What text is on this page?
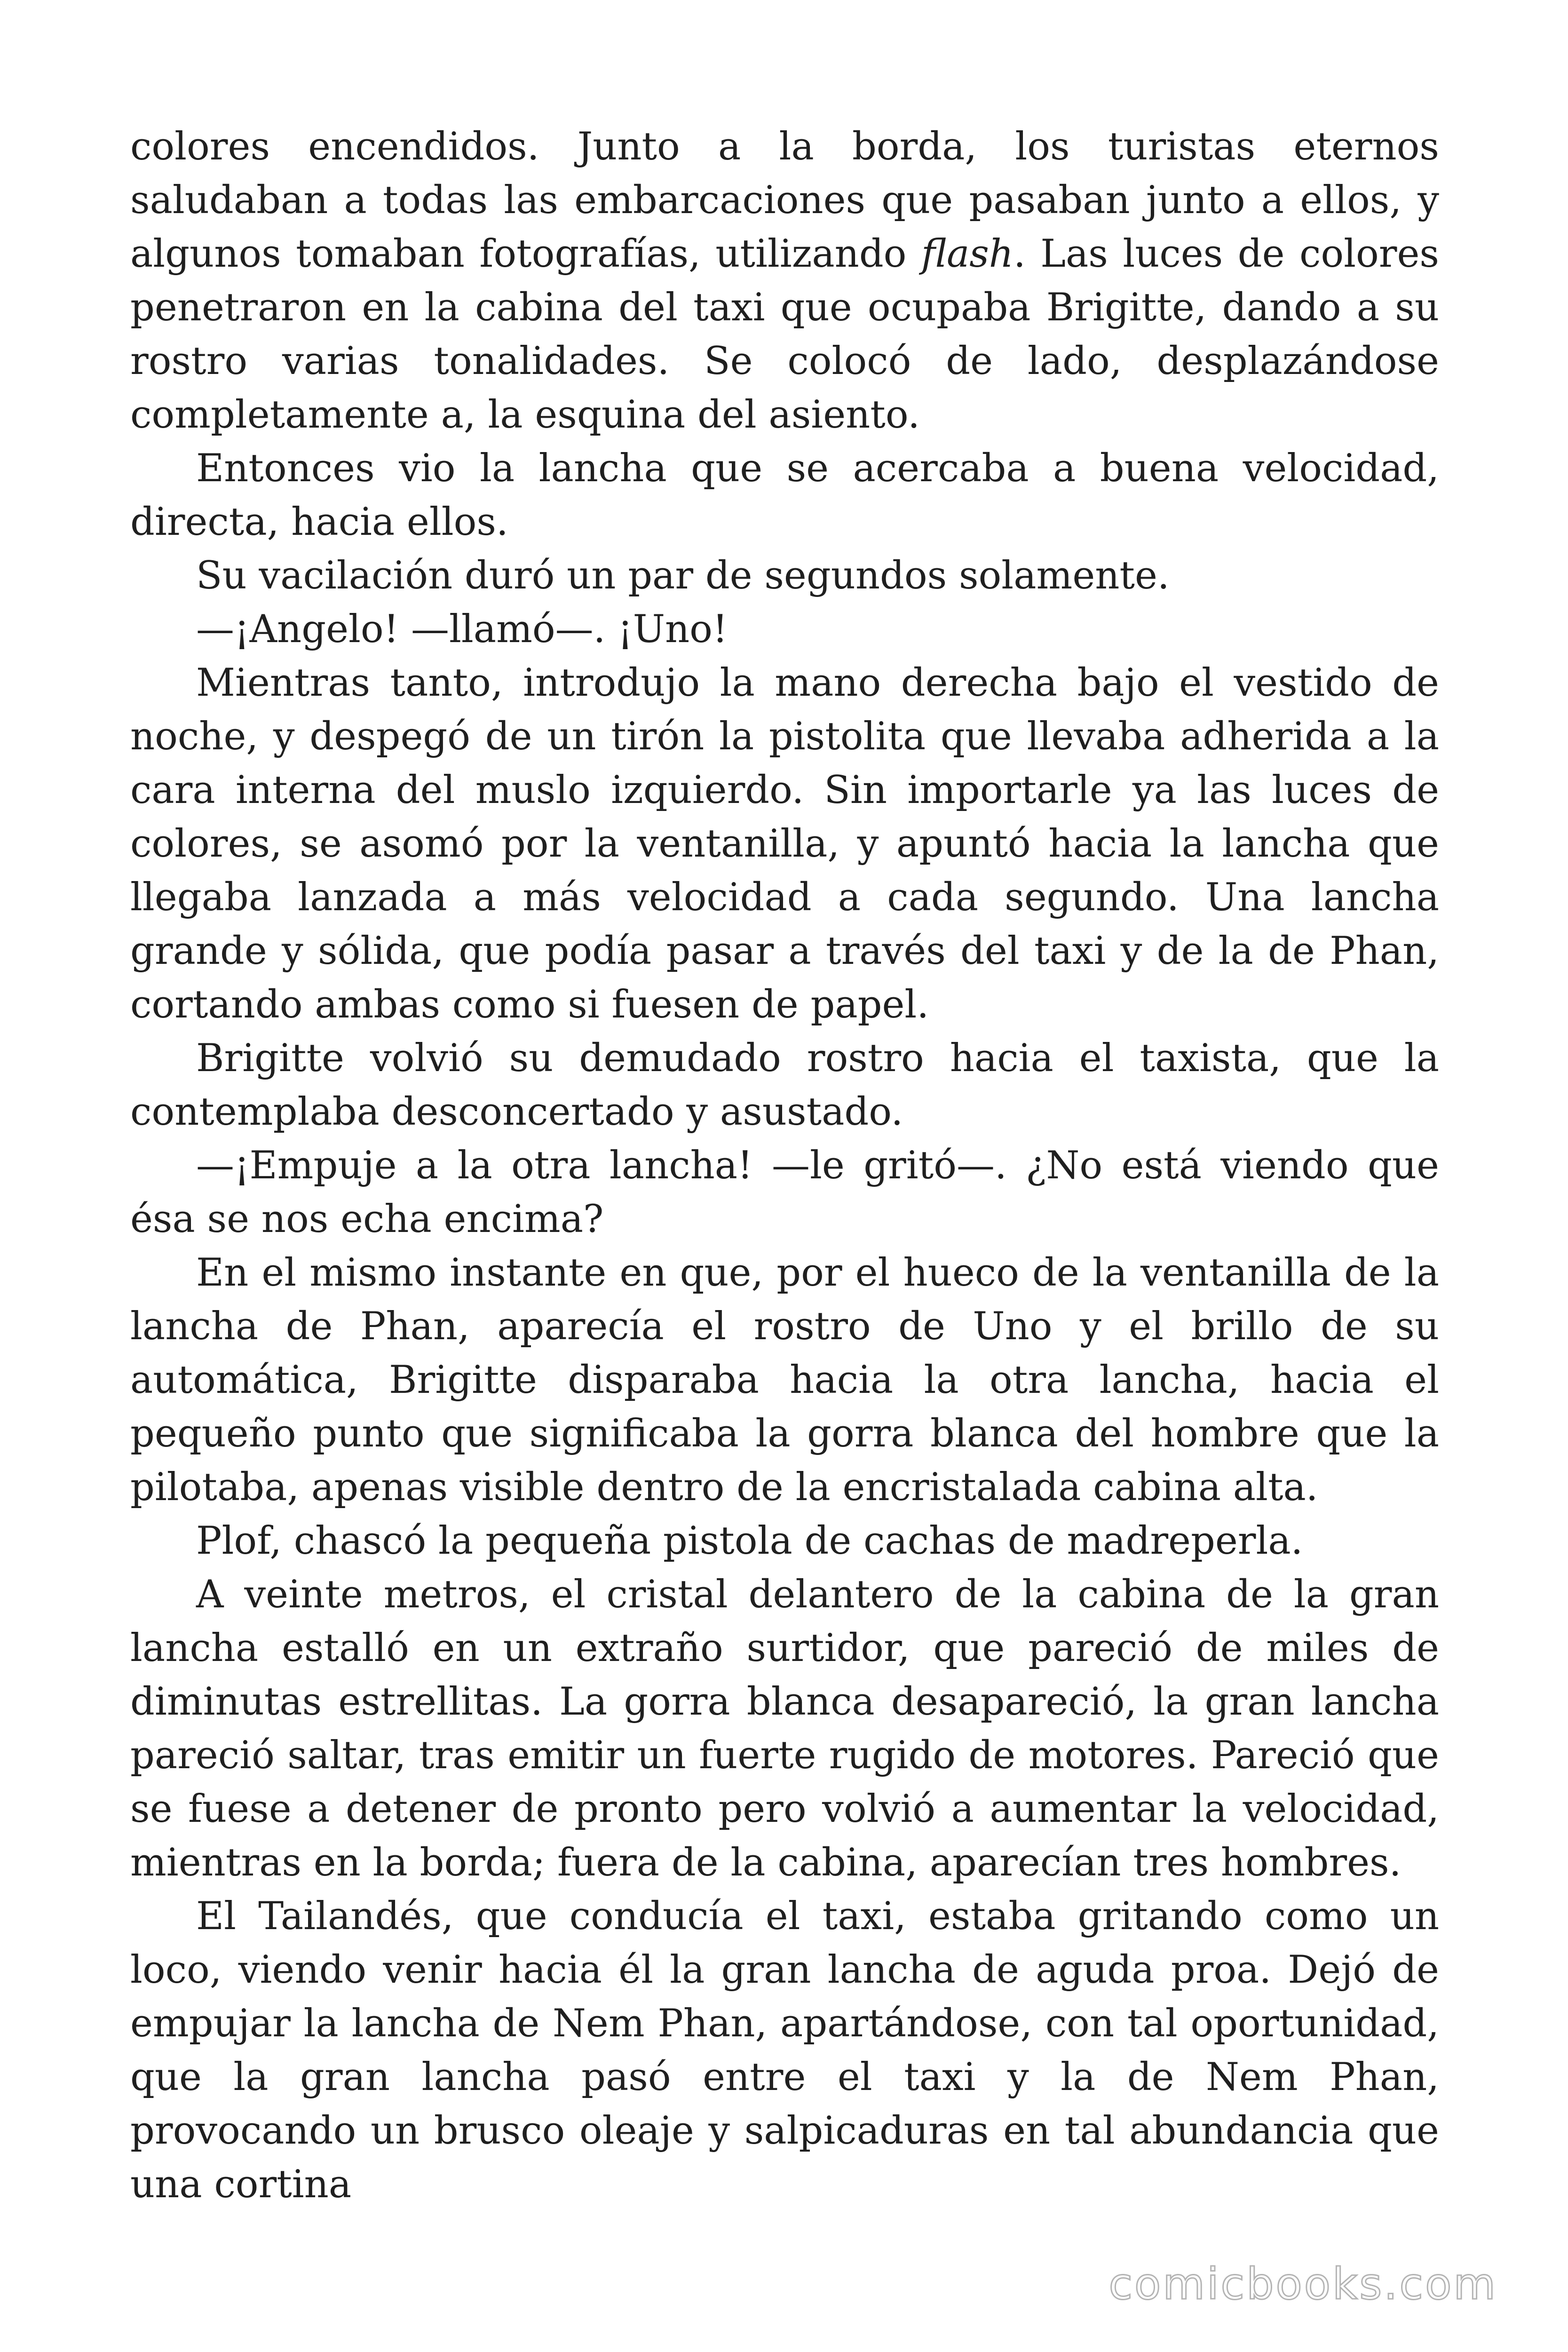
colores encendidos. Junto a la borda, los turistas eternos saludaban a todas las embarcaciones que pasaban junto a ellos, y algunos tomaban fotografías, utilizando flash. Las luces de colores penetraron en la cabina del taxi que ocupaba Brigitte, dando a su rostro varias tonalidades. Se colocó de lado, desplazándose completamente a, la esquina del asiento.

Entonces vio la lancha que se acercaba a buena velocidad, directa, hacia ellos.

Su vacilación duró un par de segundos solamente.

—¡Angelo! —llamó—. ¡Uno!

Mientras tanto, introdujo la mano derecha bajo el vestido de noche, y despegó de un tirón la pistolita que llevaba adherida a la cara interna del muslo izquierdo. Sin importarle ya las luces de colores, se asomó por la ventanilla, y apuntó hacia la lancha que llegaba lanzada a más velocidad a cada segundo. Una lancha grande y sólida, que podía pasar a través del taxi y de la de Phan, cortando ambas como si fuesen de papel.

Brigitte volvió su demudado rostro hacia el taxista, que la contemplaba desconcertado y asustado.

—¡Empuje a la otra lancha! —le gritó—. ¿No está viendo que ésa se nos echa encima?

En el mismo instante en que, por el hueco de la ventanilla de la lancha de Phan, aparecía el rostro de Uno y el brillo de su automática, Brigitte disparaba hacia la otra lancha, hacia el pequeño punto que significaba la gorra blanca del hombre que la pilotaba, apenas visible dentro de la encristalada cabina alta.

Plof, chascó la pequeña pistola de cachas de madreperla.

A veinte metros, el cristal delantero de la cabina de la gran lancha estalló en un extraño surtidor, que pareció de miles de diminutas estrellitas. La gorra blanca desapareció, la gran lancha pareció saltar, tras emitir un fuerte rugido de motores. Pareció que se fuese a detener de pronto pero volvió a aumentar la velocidad, mientras en la borda; fuera de la cabina, aparecían tres hombres.

El Tailandés, que conducía el taxi, estaba gritando como un loco, viendo venir hacia él la gran lancha de aguda proa. Dejó de empujar la lancha de Nem Phan, apartándose, con tal oportunidad, que la gran lancha pasó entre el taxi y la de Nem Phan, provocando un brusco oleaje y salpicaduras en tal abundancia que una cortina

comicbooks.com
